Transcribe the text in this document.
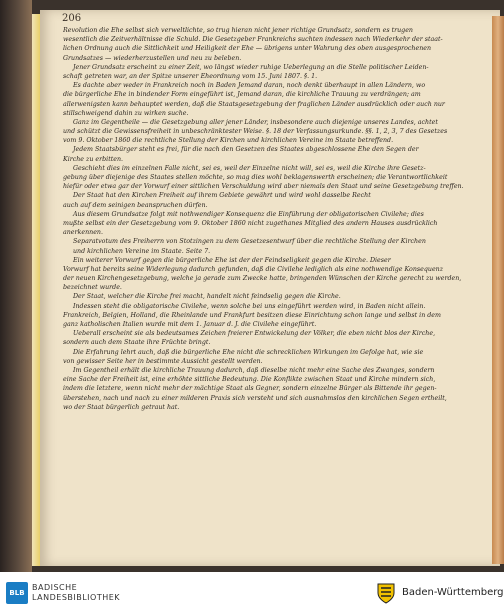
206
Revolution die Ehe selbst sich verweltlichte, so trug hieran nicht jener richtige Grundsatz, sondern es trugen
wesentlich die Zeitverhältnisse die Schuld. Die Gesetzgeber Frankreichs suchten indessen nach Wiederkehr der staat-
lichen Ordnung auch die Sittlichkeit und Heiligkeit der Ehe — übrigens unter Wahrung des oben ausgesprochenen
Grundsatzes — wiederherzustellen und neu zu beleben.
Jener Grundsatz erscheint zu einer Zeit, wo längst wieder ruhige Ueberlegung an die Stelle politischer Leiden-
schaft getreten war, an der Spitze unserer Eheordnung vom 15. Juni 1807. §. 1.
Es dachte aber weder in Frankreich noch in Baden Jemand daran, noch denkt überhaupt in allen Ländern, wo
die bürgerliche Ehe in bindender Form eingeführt ist, Jemand daran, die kirchliche Trauung zu verdrängen; am
allerwenigsten kann behauptet werden, daß die Staatsgesetzgebung der fraglichen Länder ausdrücklich oder auch nur
stillschweigend dahin zu wirken suche.
Ganz im Gegentheile — die Gesetzgebung aller jener Länder, insbesondere auch diejenige unseres Landes, achtet
und schützt die Gewissensfreiheit in unbeschränktester Weise. §. 18 der Verfassungsurkunde. §§. 1, 2, 3, 7 des Gesetzes
vom 9. Oktober 1860 die rechtliche Stellung der Kirchen und kirchlichen Vereine im Staate betreffend.
Jedem Staatsbürger steht es frei, für die nach den Gesetzen des Staates abgeschlossene Ehe den Segen der
Kirche zu erbitten.
Geschieht dies im einzelnen Falle nicht, sei es, weil der Einzelne nicht will, sei es, weil die Kirche ihre Gesetz-
gebung über diejenige des Staates stellen möchte, so mag dies wohl beklagenswerth erscheinen; die Verantwortlichkeit
hiefür oder etwa gar der Vorwurf einer sittlichen Verschuldung wird aber niemals den Staat und seine Gesetzgebung treffen.
Der Staat hat den Kirchen Freiheit auf ihrem Gebiete gewährt und wird wohl dasselbe Recht
auch auf dem seinigen beanspruchen dürfen.
Aus diesem Grundsatze folgt mit nothwendiger Konsequenz die Einführung der obligatorischen Civilehe; dies
mußte selbst ein der Gesetzgebung vom 9. Oktober 1860 nicht zugethanes Mitglied des andern Hauses ausdrücklich
anerkennen.
Separatvotum des Freiherrn von Stotzingen zu dem Gesetzesentwurf über die rechtliche Stellung der Kirchen
und kirchlichen Vereine im Staate. Seite 7.
Ein weiterer Vorwurf gegen die bürgerliche Ehe ist der der Feindseligkeit gegen die Kirche. Dieser
Vorwurf hat bereits seine Widerlegung dadurch gefunden, daß die Civilehe lediglich als eine nothwendige Konsequenz
der neuen Kirchengesetzgebung, welche ja gerade zum Zwecke hatte, bringenden Wünschen der Kirche gerecht zu werden,
bezeichnet wurde.
Der Staat, welcher die Kirche frei macht, handelt nicht feindselig gegen die Kirche.
Indessen steht die obligatorische Civilehe, wenn solche bei uns eingeführt werden wird, in Baden nicht allein.
Frankreich, Belgien, Holland, die Rheinlande und Frankfurt besitzen diese Einrichtung schon lange und selbst in dem
ganz katholischen Italien wurde mit dem 1. Januar d. J. die Civilehe eingeführt.
Ueberall erscheint sie als bedeutsames Zeichen freierer Entwickelung der Völker, die eben nicht blos der Kirche,
sondern auch dem Staate ihre Früchte bringt.
Die Erfahrung lehrt auch, daß die bürgerliche Ehe nicht die schrecklichen Wirkungen im Gefolge hat, wie sie
von gewisser Seite her in bestimmte Aussicht gestellt werden.
Im Gegentheil erhält die kirchliche Trauung dadurch, daß dieselbe nicht mehr eine Sache des Zwanges, sondern
eine Sache der Freiheit ist, eine erhöhte sittliche Bedeutung. Die Konflikte zwischen Staat und Kirche mindern sich,
indem die letztere, wenn nicht mehr der mächtige Staat als Gegner, sondern einzelne Bürger als Bittende ihr gegen-
überstehen, nach und nach zu einer milderen Praxis sich versteht und sich ausnahmslos den kirchlichen Segen ertheilt,
wo der Staat bürgerlich getraut hat.
BLB
BADISCHE
LANDESBIBLIOTHEK	Baden-Württemberg
